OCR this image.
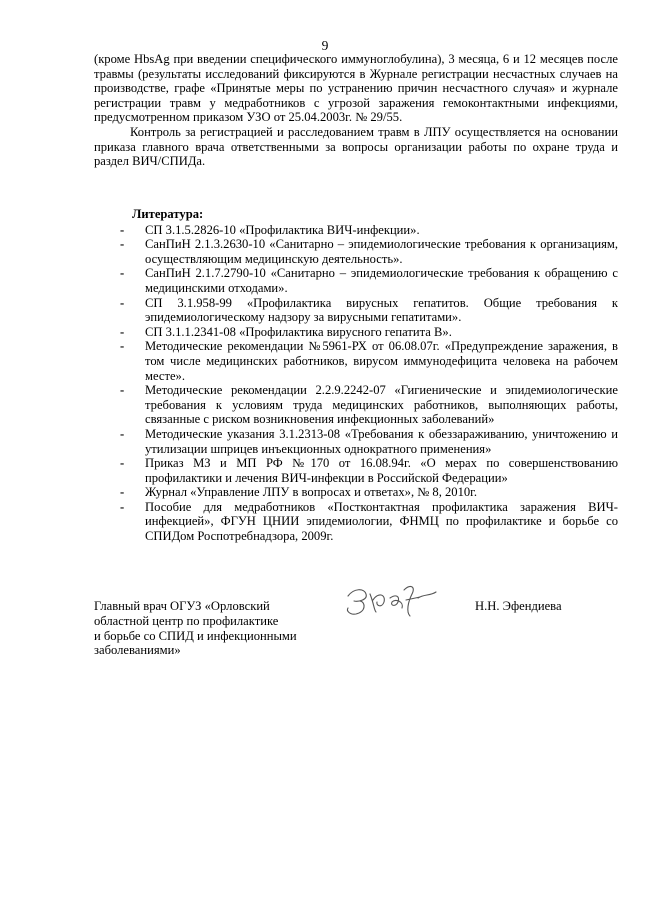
9

(кроме HbsAg при введении специфического иммуноглобулина), 3 месяца, 6 и 12 месяцев после травмы (результаты исследований фиксируются в Журнале регистрации несчастных случаев на производстве, графе «Принятые меры по устранению причин несчастного случая» и журнале регистрации травм у медработников с угрозой заражения гемоконтактными инфекциями, предусмотренном приказом УЗО от 25.04.2003г. № 29/55.

Контроль за регистрацией и расследованием травм в ЛПУ осуществляется на основании приказа главного врача ответственными за вопросы организации работы по охране труда и раздел ВИЧ/СПИДа.

Литература:
- СП 3.1.5.2826-10 «Профилактика ВИЧ-инфекции».
- СанПиН 2.1.3.2630-10 «Санитарно – эпидемиологические требования к организациям, осуществляющим медицинскую деятельность».
- СанПиН 2.1.7.2790-10 «Санитарно – эпидемиологические требования к обращению с медицинскими отходами».
- СП 3.1.958-99 «Профилактика вирусных гепатитов. Общие требования к эпидемиологическому надзору за вирусными гепатитами».
- СП 3.1.1.2341-08 «Профилактика вирусного гепатита В».
- Методические рекомендации №5961-РХ от 06.08.07г. «Предупреждение заражения, в том числе медицинских работников, вирусом иммунодефицита человека на рабочем месте».
- Методические рекомендации 2.2.9.2242-07 «Гигиенические и эпидемиологические требования к условиям труда медицинских работников, выполняющих работы, связанные с риском возникновения инфекционных заболеваний»
- Методические указания 3.1.2313-08 «Требования к обеззараживанию, уничтожению и утилизации шприцев инъекционных однократного применения»
- Приказ МЗ и МП РФ №170 от 16.08.94г. «О мерах по совершенствованию профилактики и лечения ВИЧ-инфекции в Российской Федерации»
- Журнал «Управление ЛПУ в вопросах и ответах», № 8, 2010г.
- Пособие для медработников «Постконтактная профилактика заражения ВИЧ-инфекцией», ФГУН ЦНИИ эпидемиологии, ФНМЦ по профилактике и борьбе со СПИДом Роспотребнадзора, 2009г.
Главный врач ОГУЗ «Орловский
областной центр по профилактике
и борьбе со СПИД и инфекционными
заболеваниями»
Н.Н. Эфендиева
